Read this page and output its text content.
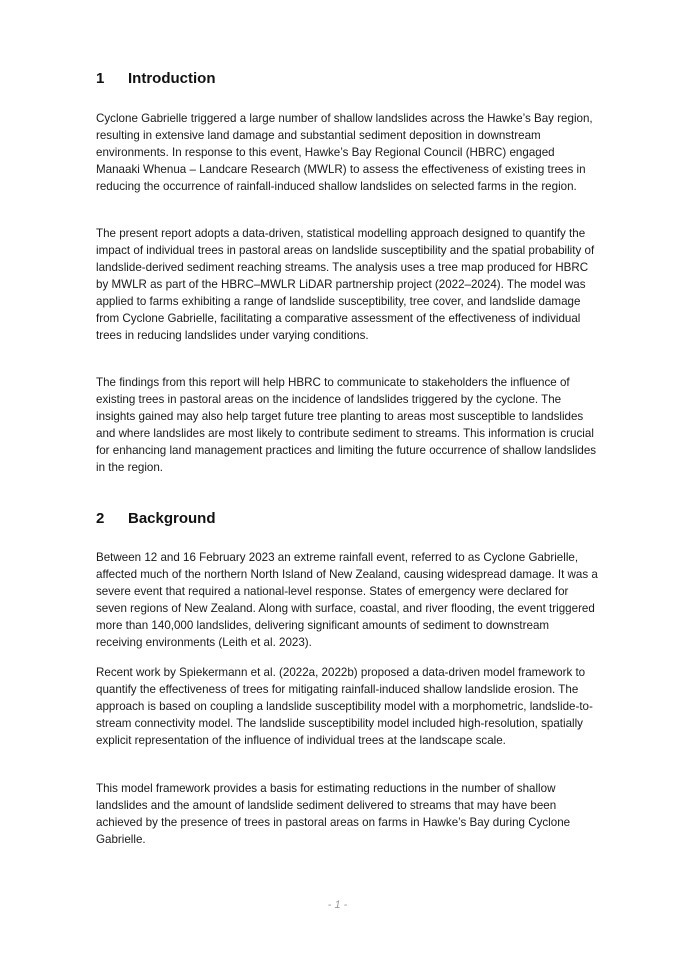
1 Introduction

Cyclone Gabrielle triggered a large number of shallow landslides across the Hawke’s Bay region, resulting in extensive land damage and substantial sediment deposition in downstream environments. In response to this event, Hawke’s Bay Regional Council (HBRC) engaged Manaaki Whenua – Landcare Research (MWLR) to assess the effectiveness of existing trees in reducing the occurrence of rainfall-induced shallow landslides on selected farms in the region.

The present report adopts a data-driven, statistical modelling approach designed to quantify the impact of individual trees in pastoral areas on landslide susceptibility and the spatial probability of landslide-derived sediment reaching streams. The analysis uses a tree map produced for HBRC by MWLR as part of the HBRC–MWLR LiDAR partnership project (2022–2024). The model was applied to farms exhibiting a range of landslide susceptibility, tree cover, and landslide damage from Cyclone Gabrielle, facilitating a comparative assessment of the effectiveness of individual trees in reducing landslides under varying conditions.

The findings from this report will help HBRC to communicate to stakeholders the influence of existing trees in pastoral areas on the incidence of landslides triggered by the cyclone. The insights gained may also help target future tree planting to areas most susceptible to landslides and where landslides are most likely to contribute sediment to streams. This information is crucial for enhancing land management practices and limiting the future occurrence of shallow landslides in the region.

2 Background

Between 12 and 16 February 2023 an extreme rainfall event, referred to as Cyclone Gabrielle, affected much of the northern North Island of New Zealand, causing widespread damage. It was a severe event that required a national-level response. States of emergency were declared for seven regions of New Zealand. Along with surface, coastal, and river flooding, the event triggered more than 140,000 landslides, delivering significant amounts of sediment to downstream receiving environments (Leith et al. 2023).

Recent work by Spiekermann et al. (2022a, 2022b) proposed a data-driven model framework to quantify the effectiveness of trees for mitigating rainfall-induced shallow landslide erosion. The approach is based on coupling a landslide susceptibility model with a morphometric, landslide-to-stream connectivity model. The landslide susceptibility model included high-resolution, spatially explicit representation of the influence of individual trees at the landscape scale.

This model framework provides a basis for estimating reductions in the number of shallow landslides and the amount of landslide sediment delivered to streams that may have been achieved by the presence of trees in pastoral areas on farms in Hawke’s Bay during Cyclone Gabrielle.

- 1 -
